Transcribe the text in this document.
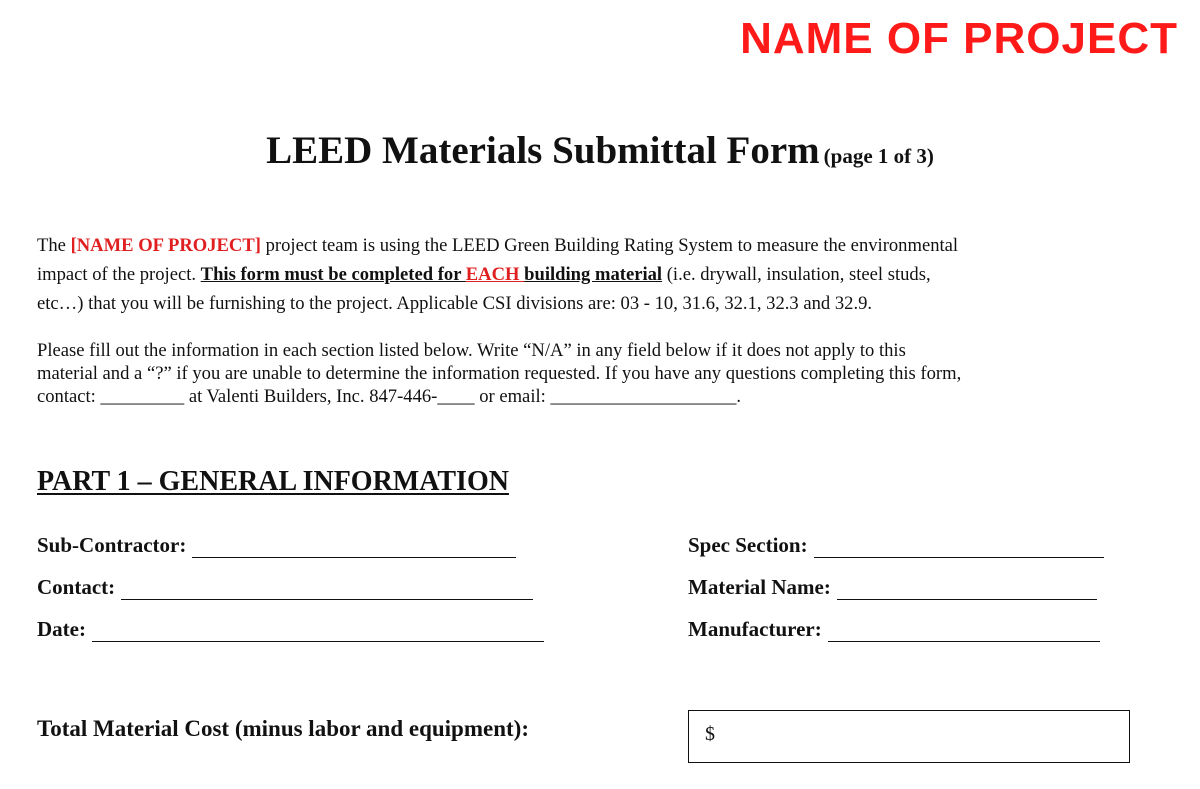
NAME OF PROJECT
LEED Materials Submittal Form (page 1 of 3)
The [NAME OF PROJECT] project team is using the LEED Green Building Rating System to measure the environmental
impact of the project. This form must be completed for EACH building material (i.e. drywall, insulation, steel studs,
etc…) that you will be furnishing to the project. Applicable CSI divisions are: 03 - 10, 31.6, 32.1, 32.3 and 32.9.
Please fill out the information in each section listed below. Write “N/A” in any field below if it does not apply to this
material and a “?” if you are unable to determine the information requested. If you have any questions completing this form,
contact: _________ at Valenti Builders, Inc. 847-446-____ or email: ____________________.
PART 1 – GENERAL INFORMATION
Sub-Contractor:
Contact:
Date:
Spec Section:
Material Name:
Manufacturer:
Total Material Cost (minus labor and equipment):	$
